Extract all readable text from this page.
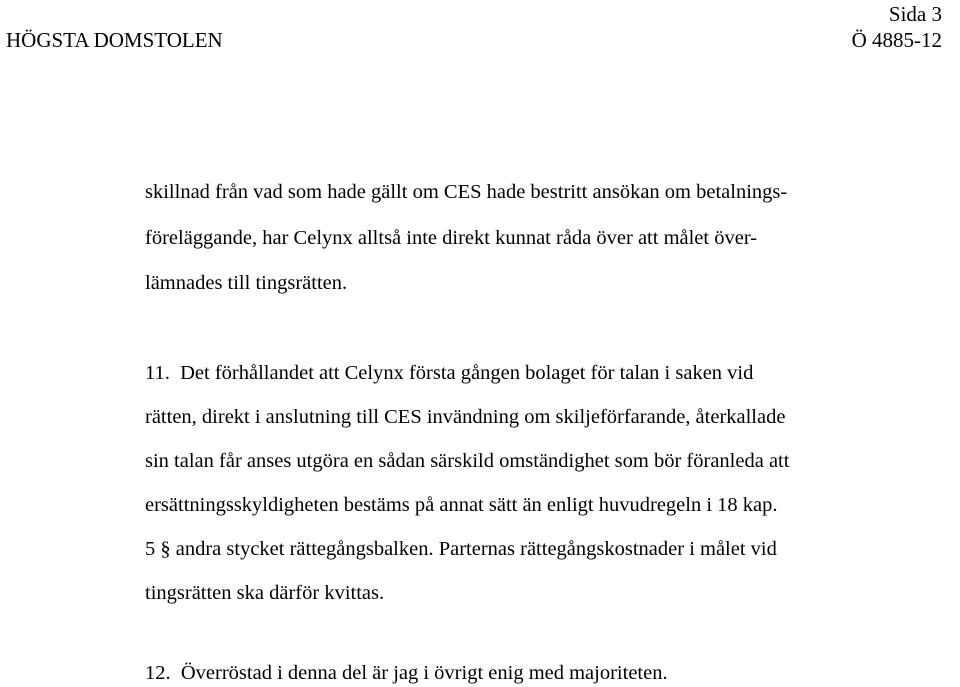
Sida 3
HÖGSTA DOMSTOLEN	Ö 4885-12
skillnad från vad som hade gällt om CES hade bestritt ansökan om betalnings-
föreläggande, har Celynx alltså inte direkt kunnat råda över att målet över-
lämnades till tingsrätten.
11. Det förhållandet att Celynx första gången bolaget för talan i saken vid
rätten, direkt i anslutning till CES invändning om skiljeförfarande, återkallade
sin talan får anses utgöra en sådan särskild omständighet som bör föranleda att
ersättningsskyldigheten bestäms på annat sätt än enligt huvudregeln i 18 kap.
5 § andra stycket rättegångsbalken. Parternas rättegångskostnader i målet vid
tingsrätten ska därför kvittas.
12. Överröstad i denna del är jag i övrigt enig med majoriteten.
